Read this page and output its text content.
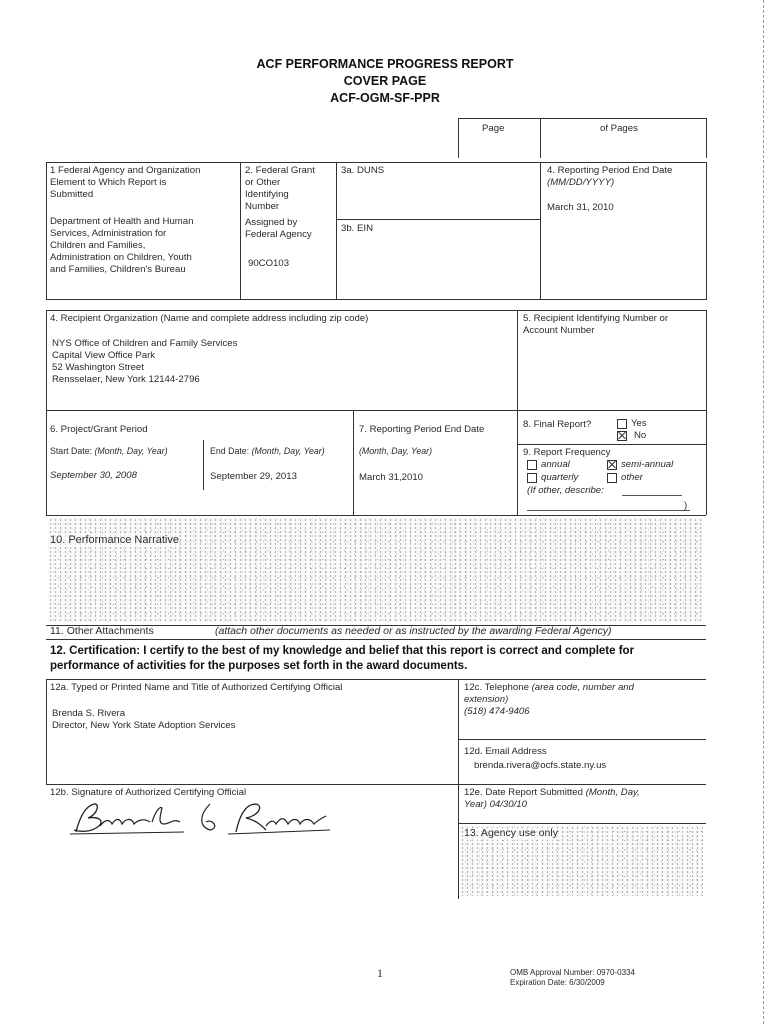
ACF PERFORMANCE PROGRESS REPORT
COVER PAGE
ACF-OGM-SF-PPR
Page	of Pages
1 Federal Agency and Organization
Element to Which Report is
Submitted
Department of Health and Human
Services, Administration for
Children and Families,
Administration on Children, Youth
and Families, Children's Bureau
2. Federal Grant
or Other
Identifying
Number
Assigned by
Federal Agency
90CO103
3a. DUNS
3b. EIN
4. Reporting Period End Date
(MM/DD/YYYY)
March 31, 2010
4. Recipient Organization (Name and complete address including zip code)
NYS Office of Children and Family Services
Capital View Office Park
52 Washington Street
Rensselaer, New York 12144-2796
5. Recipient Identifying Number or
Account Number
6. Project/Grant Period
Start Date: (Month, Day, Year)	End Date: (Month, Day, Year)
September 30, 2008	September 29, 2013
7. Reporting Period End Date
(Month, Day, Year)
March 31,2010
8. Final Report?	Yes
No
9. Report Frequency
annual	semi-annual
quarterly	other
(If other, describe:
)
10. Performance Narrative
11. Other Attachments	(attach other documents as needed or as instructed by the awarding Federal Agency)
12. Certification: I certify to the best of my knowledge and belief that this report is correct and complete for
performance of activities for the purposes set forth in the award documents.
12a. Typed or Printed Name and Title of Authorized Certifying Official
Brenda S. Rivera
Director, New York State Adoption Services
12c. Telephone (area code, number and
extension)
(518) 474-9406
12d. Email Address
brenda.rivera@ocfs.state.ny.us
12b. Signature of Authorized Certifying Official	12e. Date Report Submitted (Month, Day,
Year) 04/30/10
13. Agency use only
1	OMB Approval Number: 0970-0334
Expiration Date: 6/30/2009
